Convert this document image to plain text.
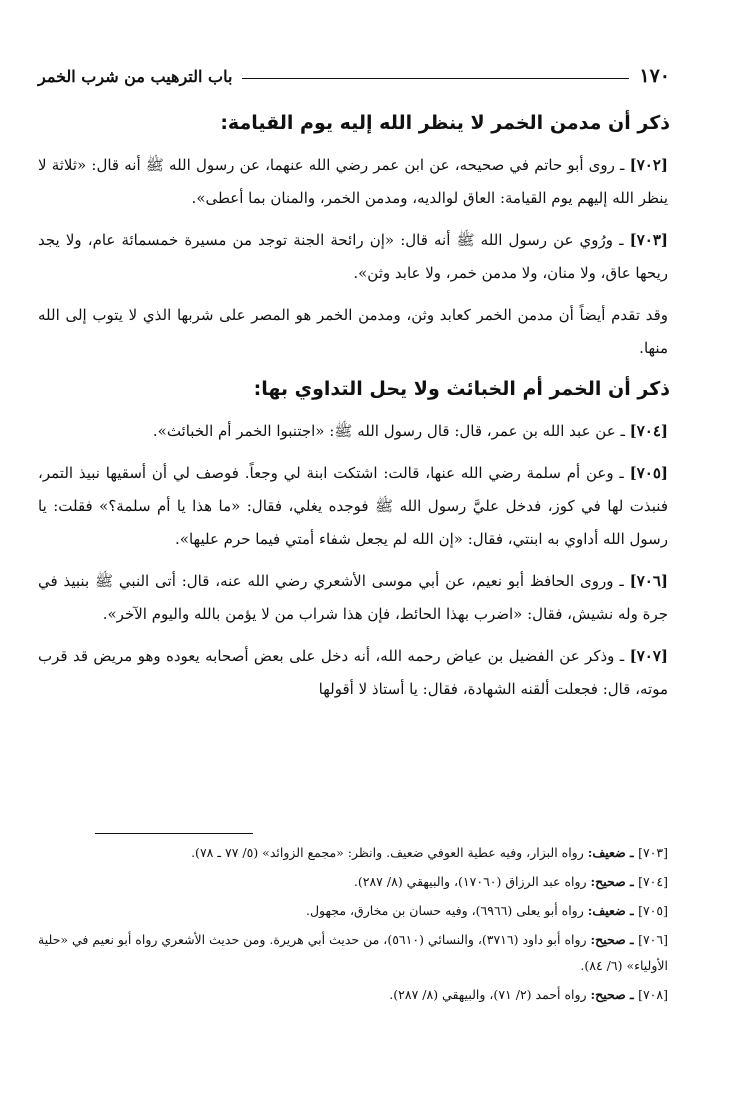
١٧٠
باب الترهيب من شرب الخمر
ذكر أن مدمن الخمر لا ينظر الله إليه يوم القيامة:

[٧٠٢] ـ روى أبو حاتم في صحيحه، عن ابن عمر رضي الله عنهما، عن رسول الله ﷺ أنه قال: «ثلاثة لا ينظر الله إليهم يوم القيامة: العاق لوالديه، ومدمن الخمر، والمنان بما أعطى».

[٧٠٣] ـ ورُوي عن رسول الله ﷺ أنه قال: «إن رائحة الجنة توجد من مسيرة خمسمائة عام، ولا يجد ريحها عاق، ولا منان، ولا مدمن خمر، ولا عابد وثن».

وقد تقدم أيضاً أن مدمن الخمر كعابد وثن، ومدمن الخمر هو المصر على شربها الذي لا يتوب إلى الله منها.

ذكر أن الخمر أم الخبائث ولا يحل التداوي بها:

[٧٠٤] ـ عن عبد الله بن عمر، قال: قال رسول الله ﷺ: «اجتنبوا الخمر أم الخبائث».

[٧٠٥] ـ وعن أم سلمة رضي الله عنها، قالت: اشتكت ابنة لي وجعاً. فوصف لي أن أسقيها نبيذ التمر، فنبذت لها في كوز، فدخل عليَّ رسول الله ﷺ فوجده يغلي، فقال: «ما هذا يا أم سلمة؟» فقلت: يا رسول الله أداوي به ابنتي، فقال: «إن الله لم يجعل شفاء أمتي فيما حرم عليها».

[٧٠٦] ـ وروى الحافظ أبو نعيم، عن أبي موسى الأشعري رضي الله عنه، قال: أتى النبي ﷺ بنبيذ في جرة وله نشيش، فقال: «اضرب بهذا الحائط، فإن هذا شراب من لا يؤمن بالله واليوم الآخر».

[٧٠٧] ـ وذكر عن الفضيل بن عياض رحمه الله، أنه دخل على بعض أصحابه يعوده وهو مريض قد قرب موته، قال: فجعلت ألقنه الشهادة، فقال: يا أستاذ لا أقولها

[٧٠٣] ـ ضعيف: رواه البزار، وفيه عطية العوفي ضعيف. وانظر: «مجمع الزوائد» (٥/ ٧٧ ـ ٧٨).

[٧٠٤] ـ صحيح: رواه عبد الرزاق (١٧٠٦٠)، والبيهقي (٨/ ٢٨٧).

[٧٠٥] ـ ضعيف: رواه أبو يعلى (٦٩٦٦)، وفيه حسان بن مخارق، مجهول.

[٧٠٦] ـ صحيح: رواه أبو داود (٣٧١٦)، والنسائي (٥٦١٠)، من حديث أبي هريرة. ومن حديث الأشعري رواه أبو نعيم في «حلية الأولياء» (٦/ ٨٤).

[٧٠٨] ـ صحيح: رواه أحمد (٢/ ٧١)، والبيهقي (٨/ ٢٨٧).
